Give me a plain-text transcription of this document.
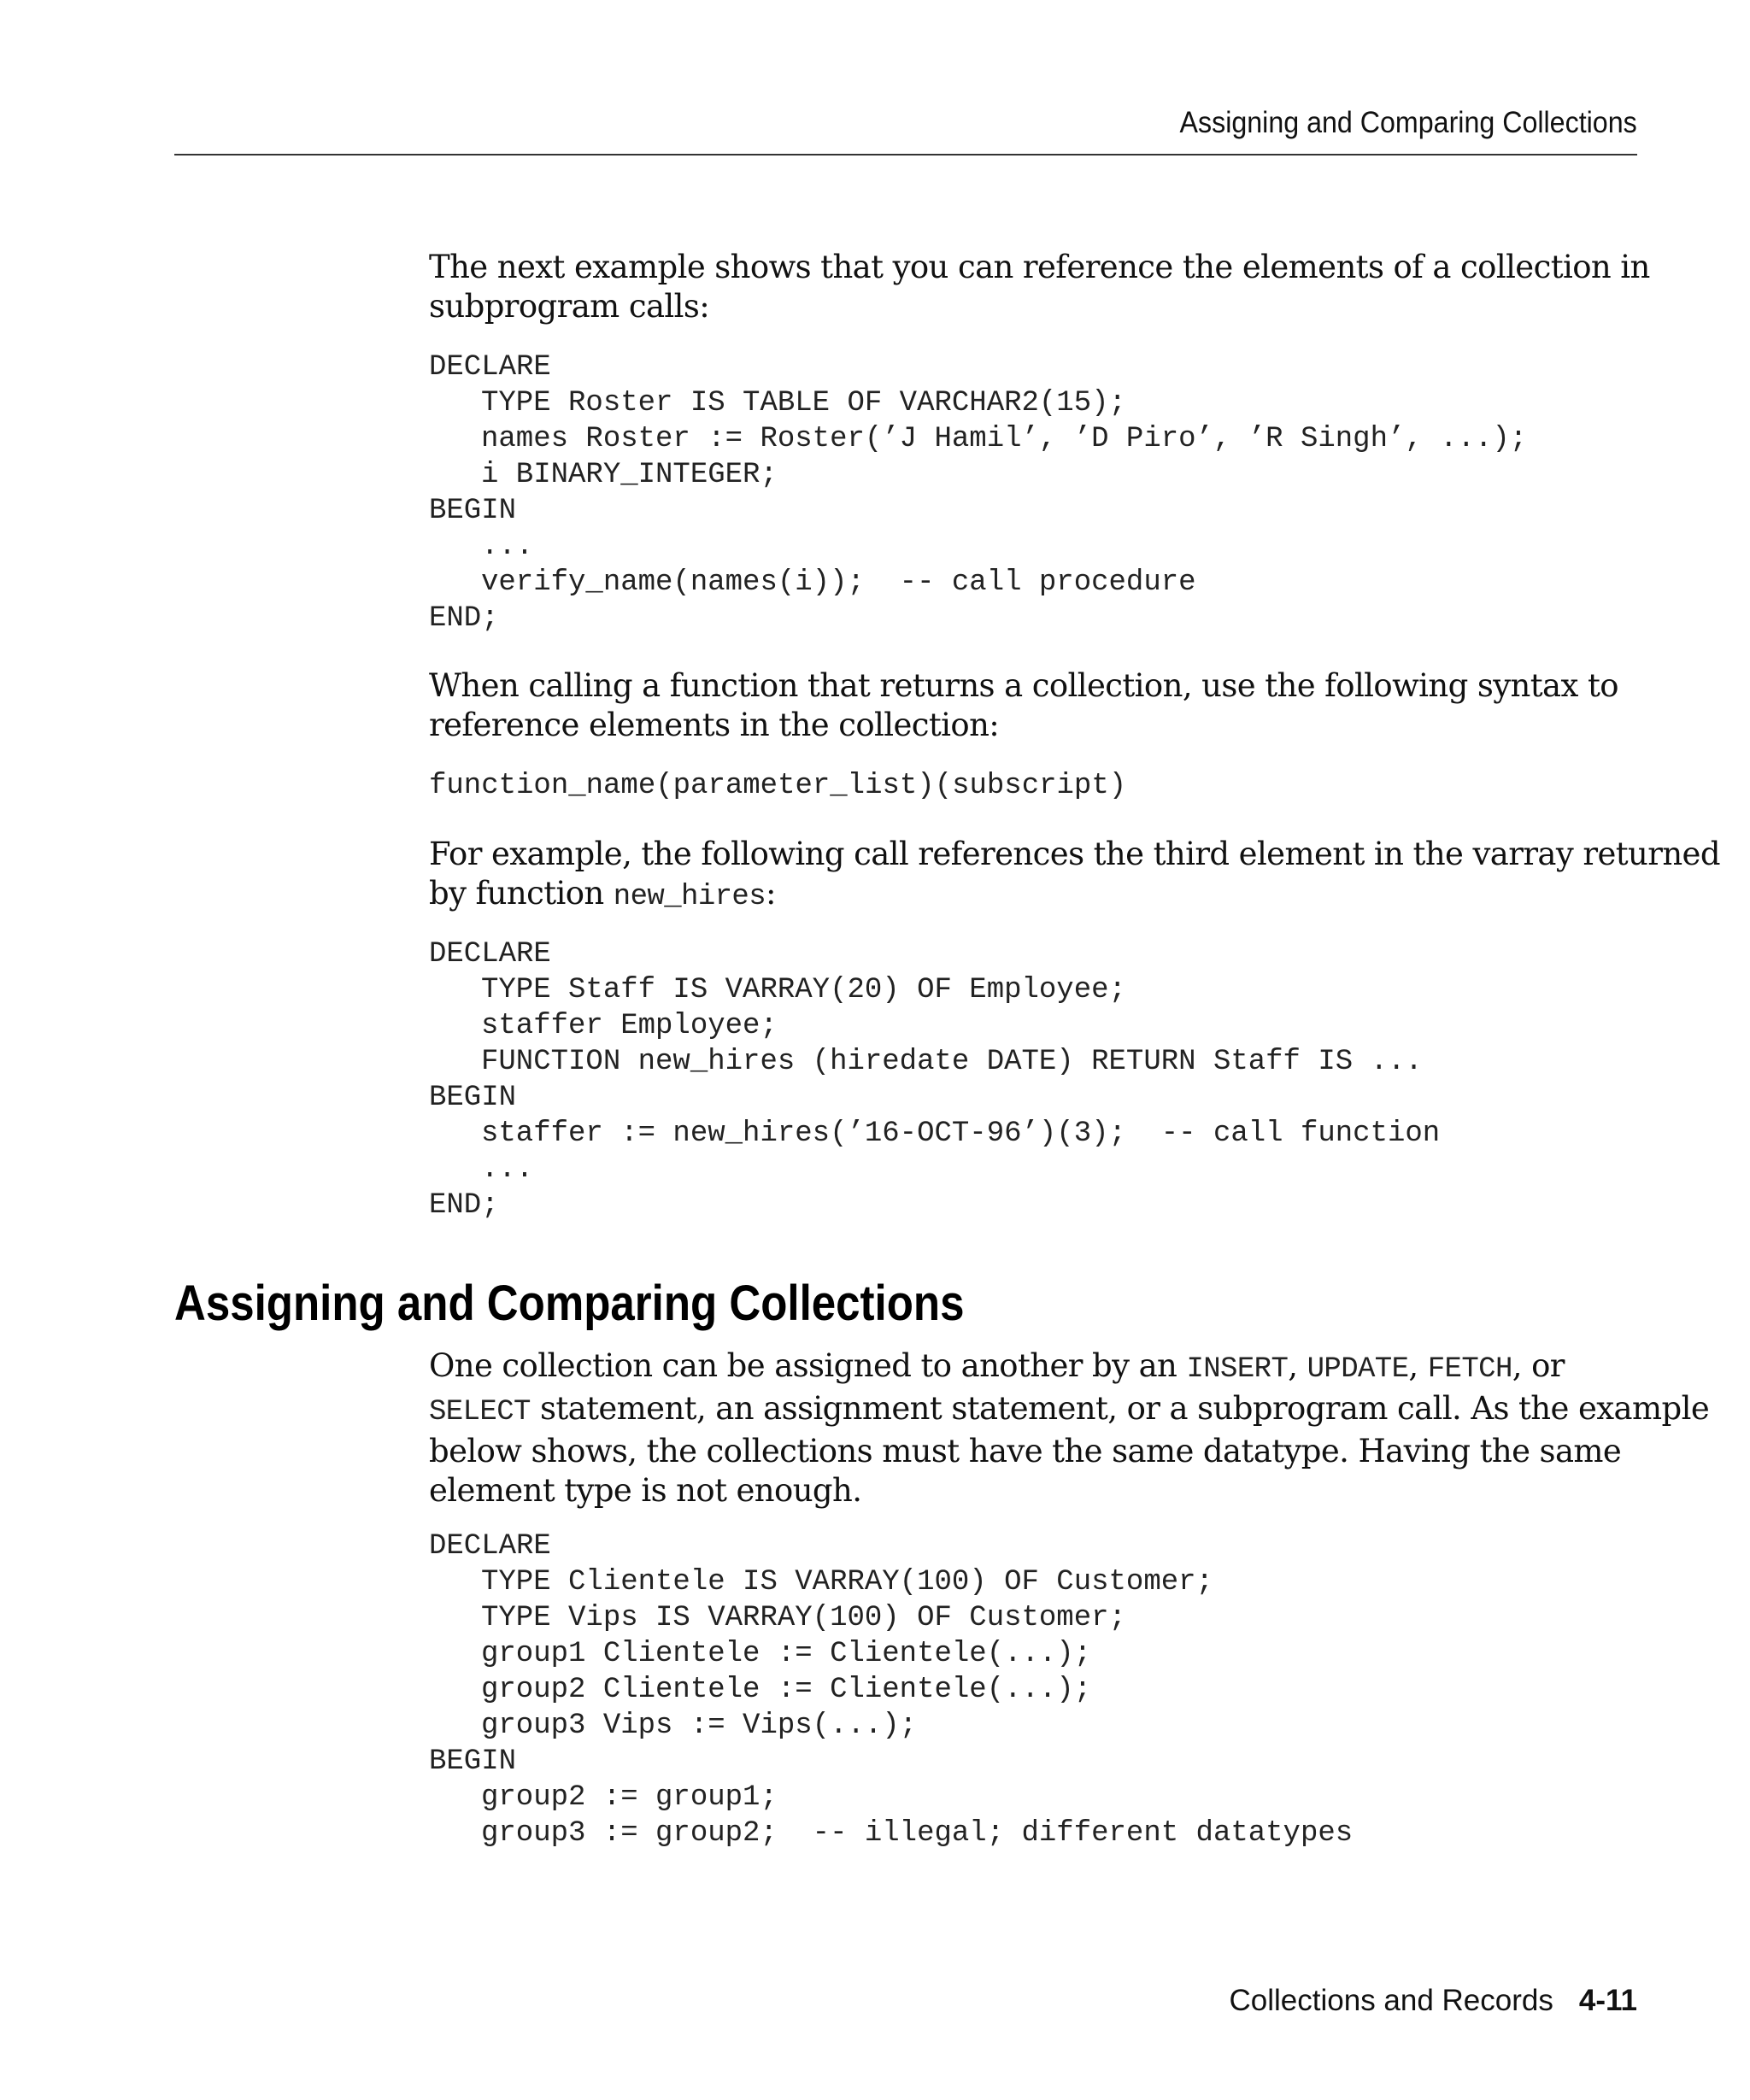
Assigning and Comparing Collections

The next example shows that you can reference the elements of a collection in

subprogram calls:

DECLARE
TYPE Roster IS TABLE OF VARCHAR2(15);
names Roster := Roster(’J Hamil’, ’D Piro’, ’R Singh’, ...);
i BINARY_INTEGER;
BEGIN
...
verify_name(names(i));  -- call procedure
END;

When calling a function that returns a collection, use the following syntax to

reference elements in the collection:

function_name(parameter_list)(subscript)

For example, the following call references the third element in the varray returned

by function new_hires:

DECLARE
TYPE Staff IS VARRAY(20) OF Employee;
staffer Employee;
FUNCTION new_hires (hiredate DATE) RETURN Staff IS ...
BEGIN
staffer := new_hires(’16-OCT-96’)(3);  -- call function
...
END;
Assigning and Comparing Collections

One collection can be assigned to another by an INSERT, UPDATE, FETCH, or

SELECT statement, an assignment statement, or a subprogram call. As the example

below shows, the collections must have the same datatype. Having the same

element type is not enough.

DECLARE
TYPE Clientele IS VARRAY(100) OF Customer;
TYPE Vips IS VARRAY(100) OF Customer;
group1 Clientele := Clientele(...);
group2 Clientele := Clientele(...);
group3 Vips := Vips(...);
BEGIN
group2 := group1;
group3 := group2;  -- illegal; different datatypes
Collections and Records 4-11
